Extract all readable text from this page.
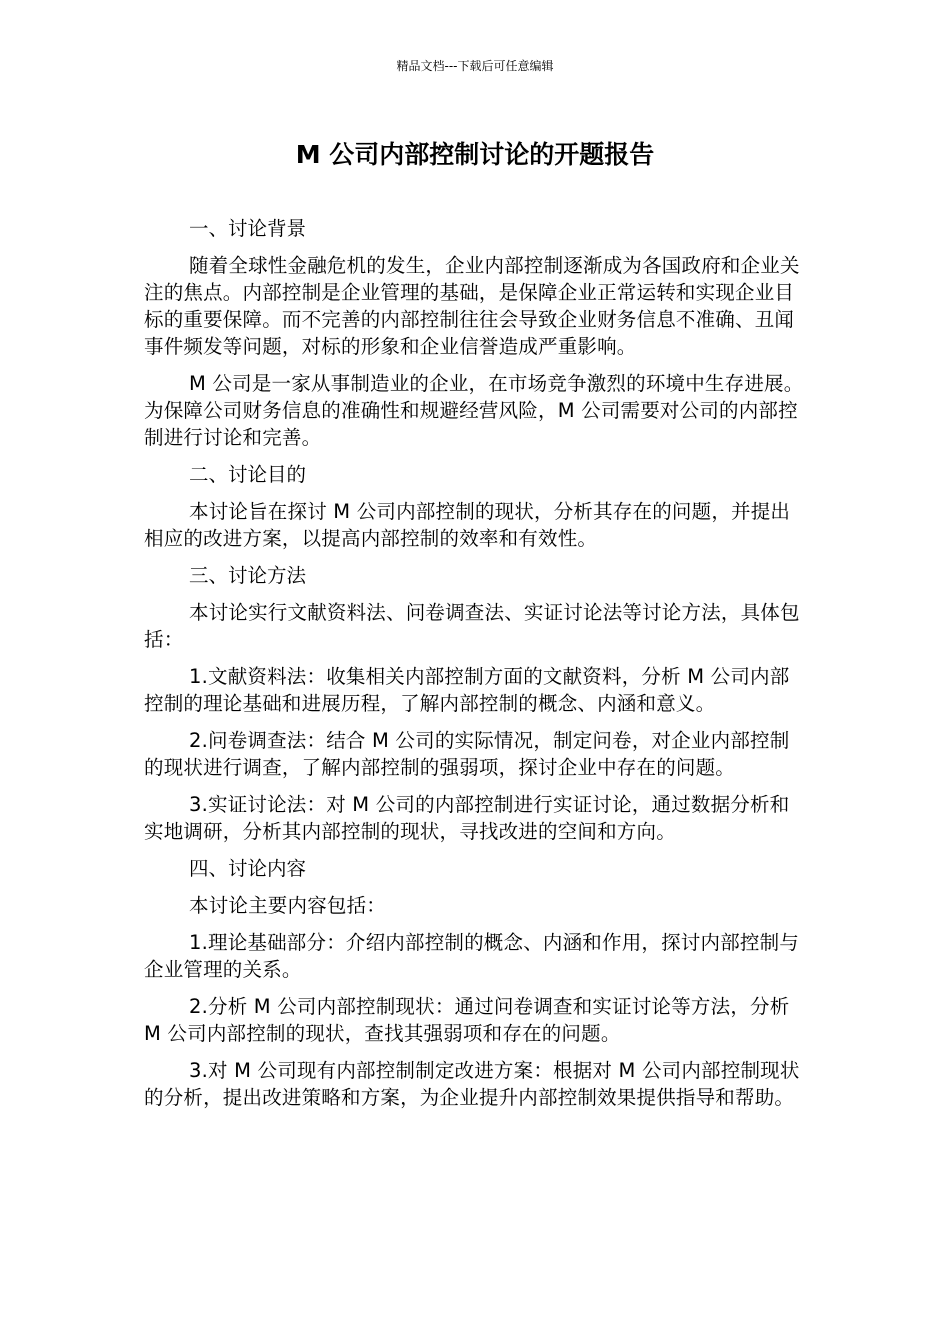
精品文档---下载后可任意编辑
M 公司内部控制讨论的开题报告

一、讨论背景

随着全球性金融危机的发生，企业内部控制逐渐成为各国政府和企业关注的焦点。内部控制是企业管理的基础，是保障企业正常运转和实现企业目标的重要保障。而不完善的内部控制往往会导致企业财务信息不准确、丑闻事件频发等问题，对标的形象和企业信誉造成严重影响。

M 公司是一家从事制造业的企业，在市场竞争激烈的环境中生存进展。为保障公司财务信息的准确性和规避经营风险，M 公司需要对公司的内部控制进行讨论和完善。

二、讨论目的

本讨论旨在探讨 M 公司内部控制的现状，分析其存在的问题，并提出相应的改进方案，以提高内部控制的效率和有效性。

三、讨论方法

本讨论实行文献资料法、问卷调查法、实证讨论法等讨论方法，具体包括：

1.文献资料法：收集相关内部控制方面的文献资料，分析 M 公司内部控制的理论基础和进展历程，了解内部控制的概念、内涵和意义。

2.问卷调查法：结合 M 公司的实际情况，制定问卷，对企业内部控制的现状进行调查，了解内部控制的强弱项，探讨企业中存在的问题。

3.实证讨论法：对 M 公司的内部控制进行实证讨论，通过数据分析和实地调研，分析其内部控制的现状，寻找改进的空间和方向。

四、讨论内容

本讨论主要内容包括：

1.理论基础部分：介绍内部控制的概念、内涵和作用，探讨内部控制与企业管理的关系。

2.分析 M 公司内部控制现状：通过问卷调查和实证讨论等方法，分析 M 公司内部控制的现状，查找其强弱项和存在的问题。

3.对 M 公司现有内部控制制定改进方案：根据对 M 公司内部控制现状的分析，提出改进策略和方案，为企业提升内部控制效果提供指导和帮助。
